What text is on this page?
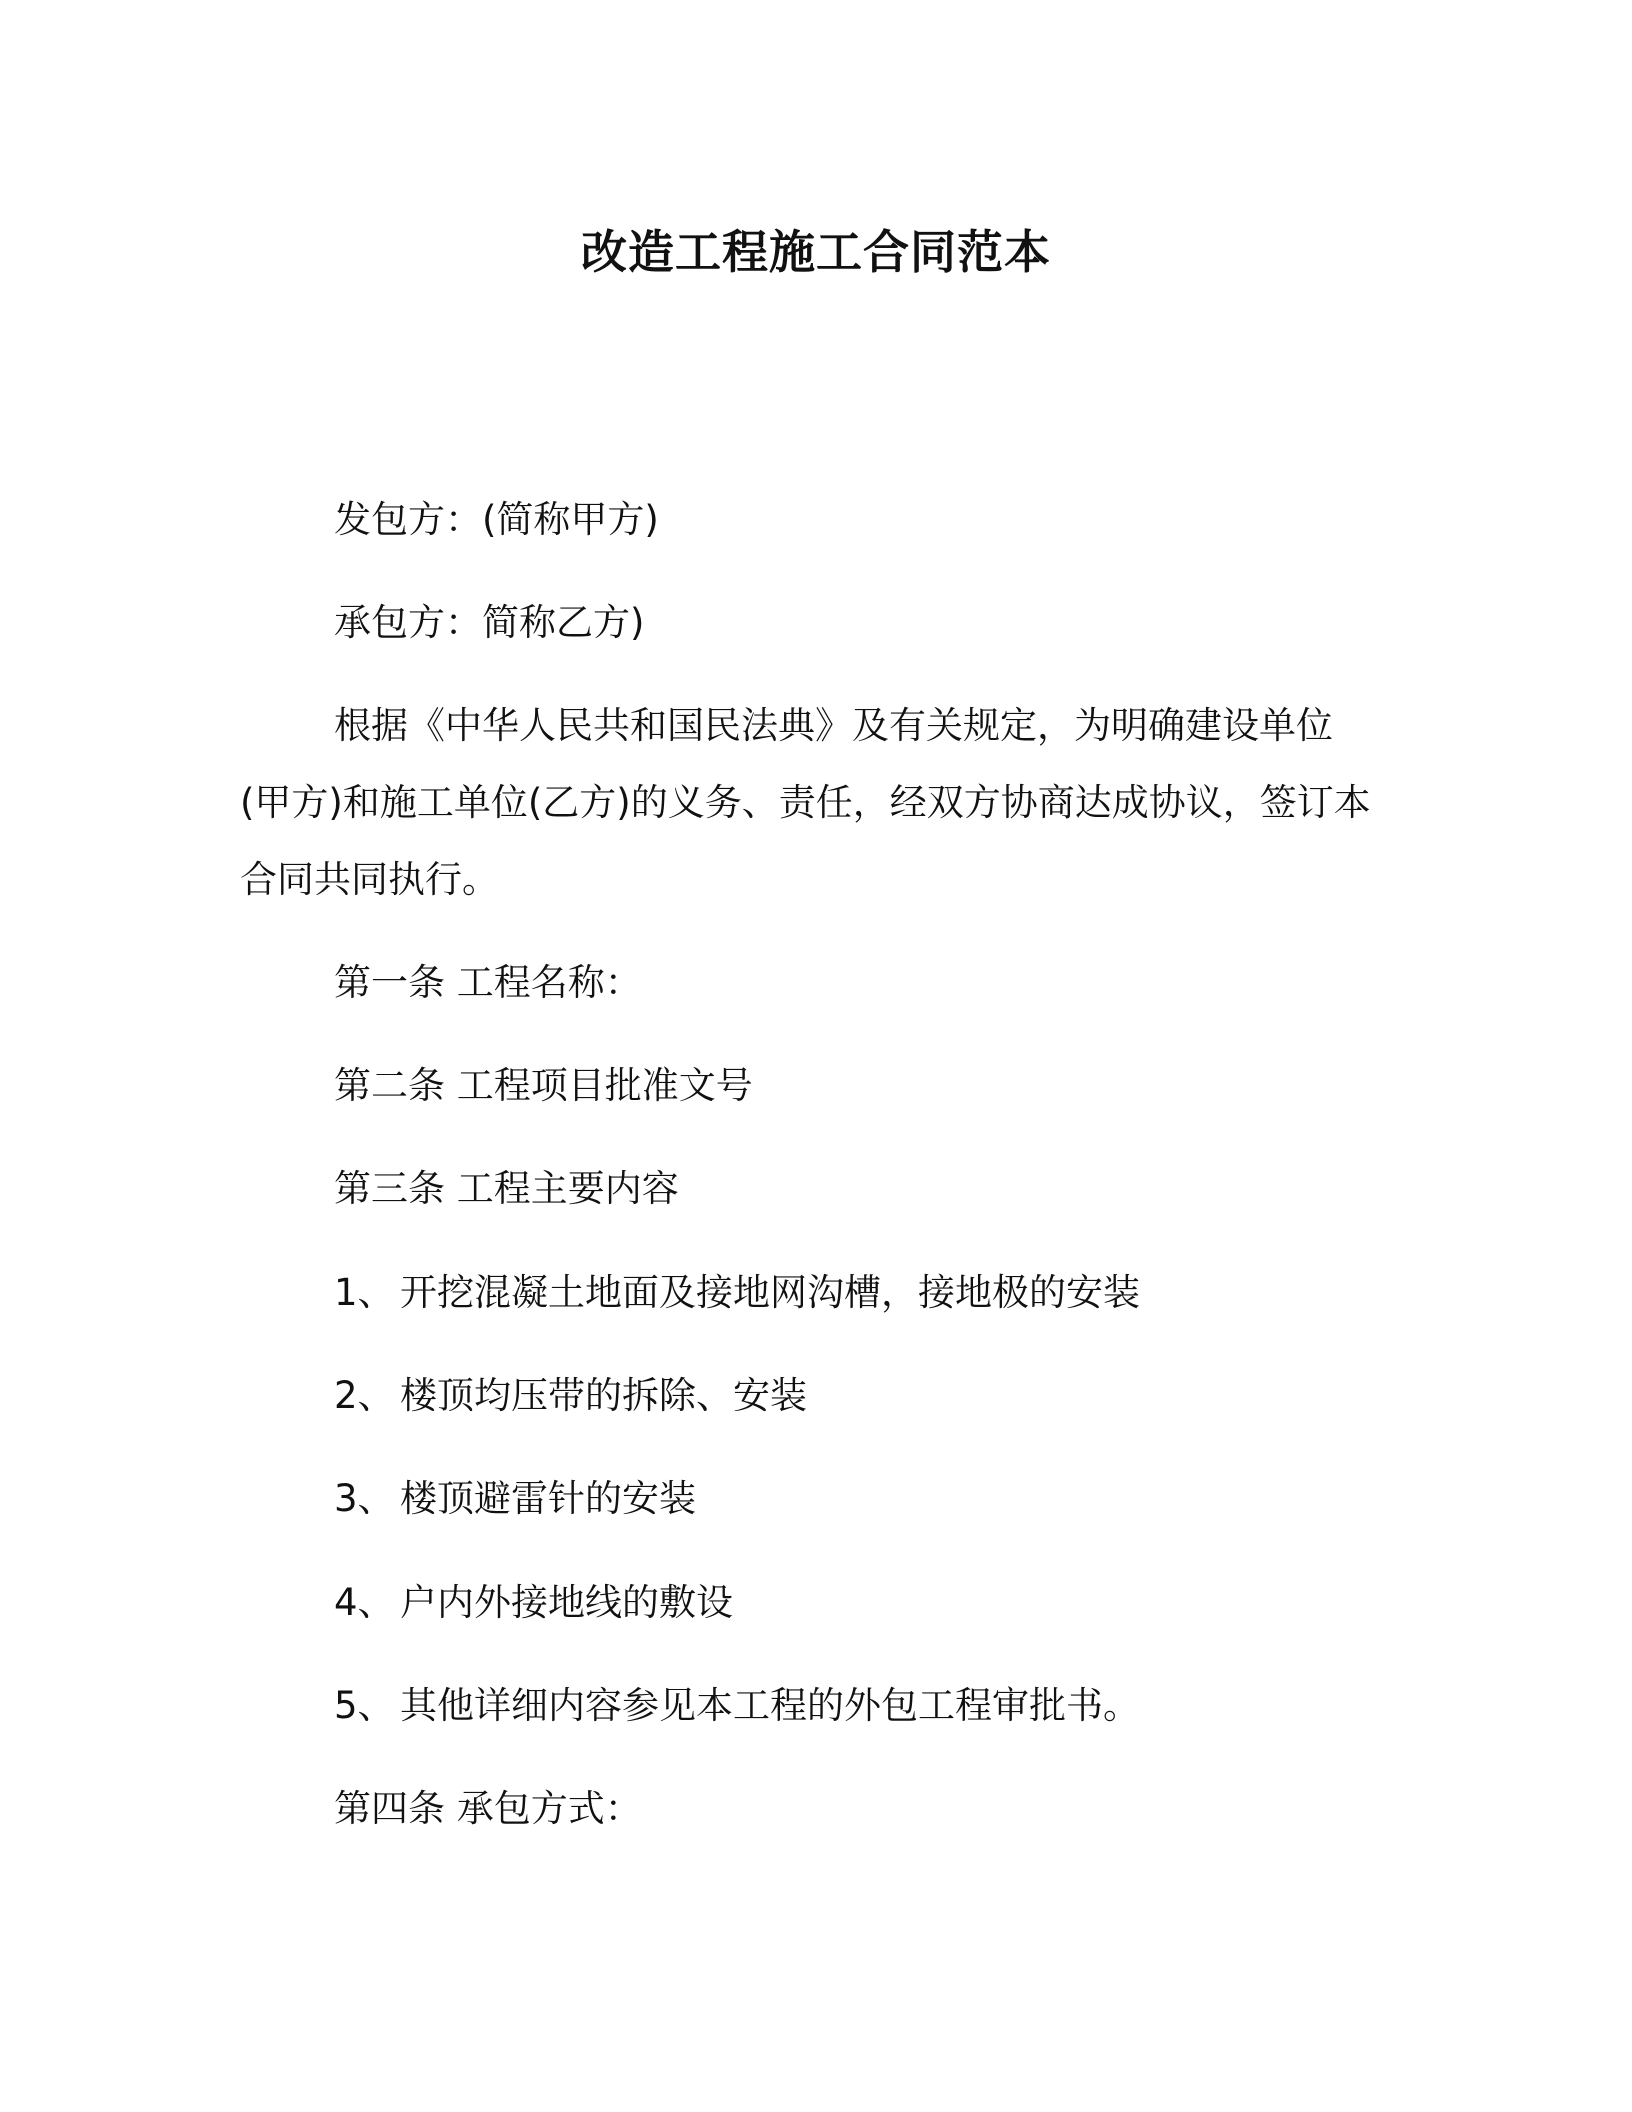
改造工程施工合同范本
发包方：(简称甲方)
承包方：简称乙方)
根据《中华人民共和国民法典》及有关规定，为明确建设单位
(甲方)和施工单位(乙方)的义务、责任，经双方协商达成协议，签订本
合同共同执行。
第一条 工程名称：
第二条 工程项目批准文号
第三条 工程主要内容
1、 开挖混凝土地面及接地网沟槽，接地极的安装
2、 楼顶均压带的拆除、安装
3、 楼顶避雷针的安装
4、 户内外接地线的敷设
5、 其他详细内容参见本工程的外包工程审批书。
第四条 承包方式：
